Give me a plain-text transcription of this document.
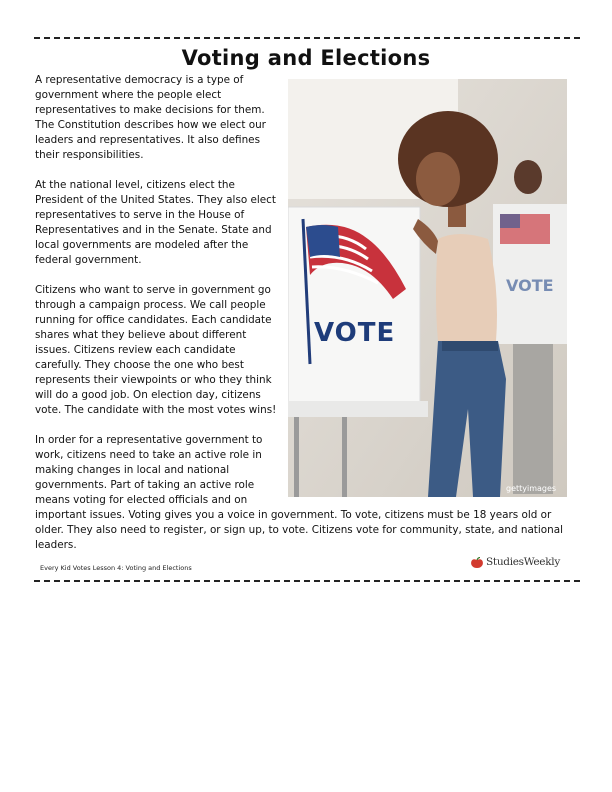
Voting and Elections
VOTE
VOTE
gettyimages

A representative democracy is a type of government where the people elect representatives to make decisions for them. The Constitution describes how we elect our leaders and representatives. It also defines their responsibilities.

At the national level, citizens elect the President of the United States. They also elect representatives to serve in the House of Representatives and in the Senate. State and local governments are modeled after the federal government.

Citizens who want to serve in government go through a campaign process. We call people running for office candidates. Each candidate shares what they believe about different issues. Citizens review each candidate carefully. They choose the one who best represents their viewpoints or who they think will do a good job. On election day, citizens vote. The candidate with the most votes wins!

In order for a representative government to work, citizens need to take an active role in making changes in local and national governments. Part of taking an active role means voting for elected officials and on important issues. Voting gives you a voice in government. To vote, citizens must be 18 years old or older. They also need to register, or sign up, to vote. Citizens vote for community, state, and national leaders.

Every Kid Votes Lesson 4: Voting and Elections	StudiesWeekly
